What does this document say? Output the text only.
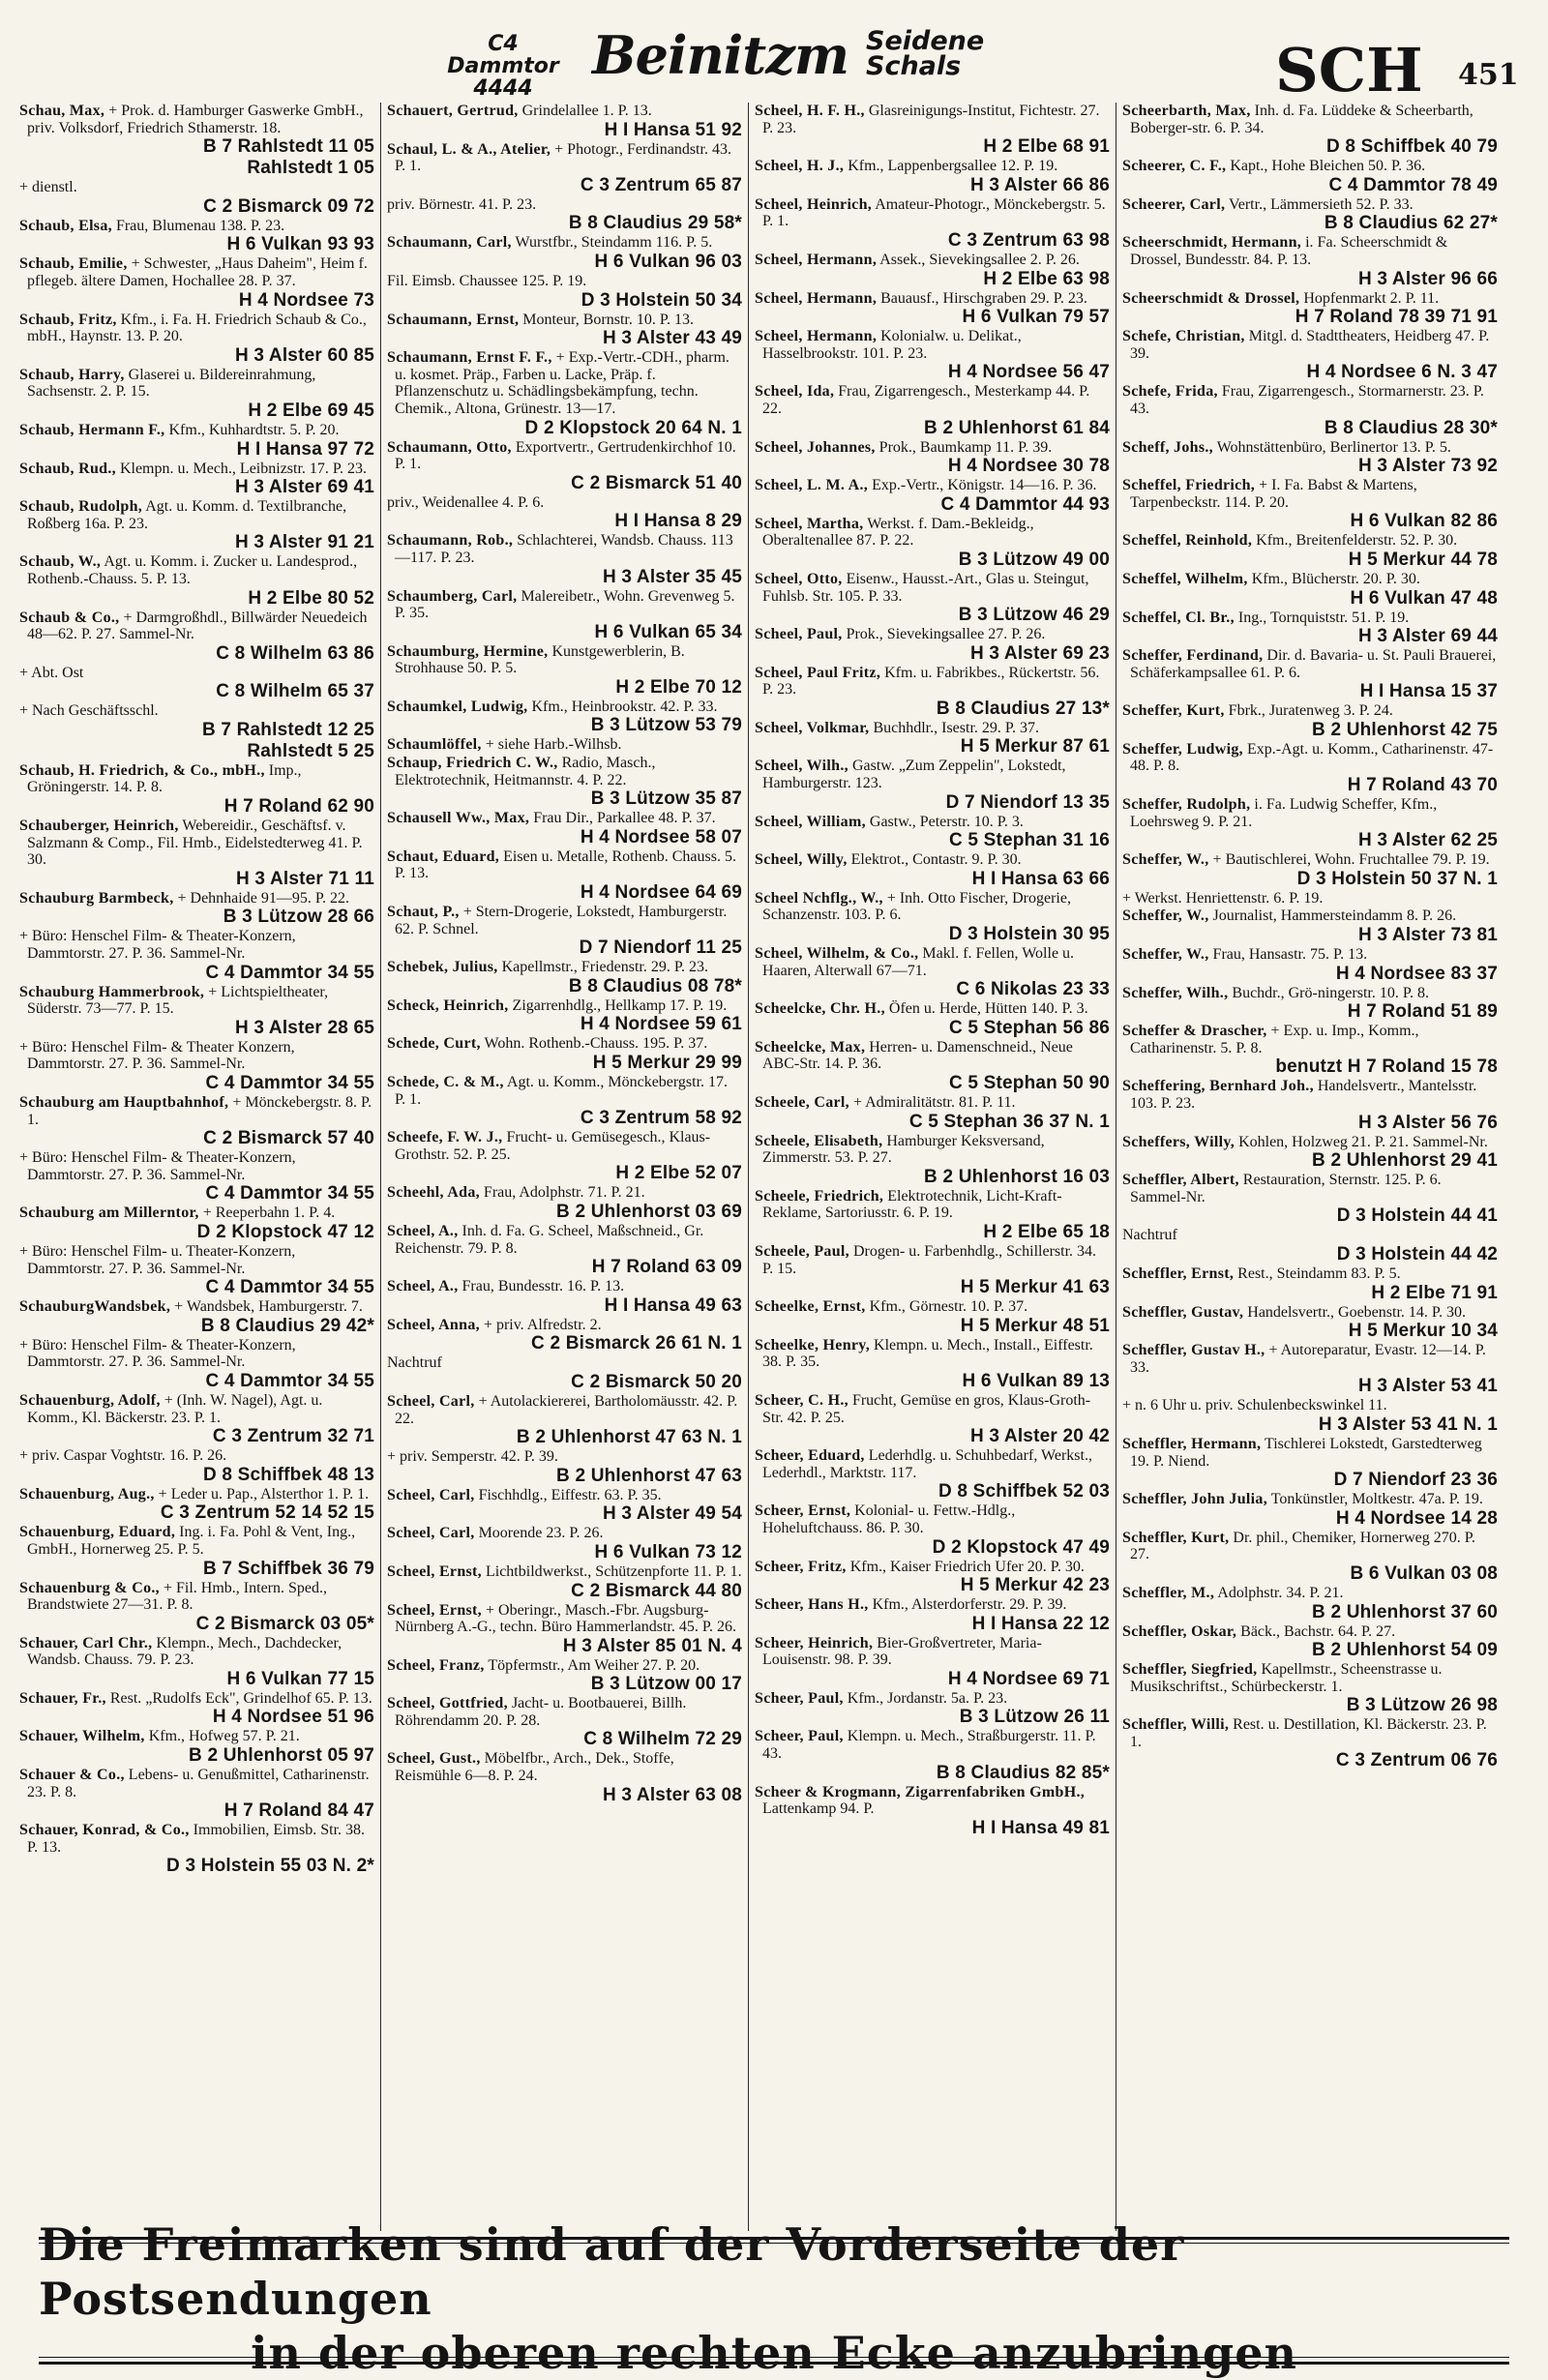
C4 Dammtor
4444
Beinitzm Seidene
Schals	SCH 451
Schau, Max, + Prok. d. Hamburger Gaswerke GmbH., priv. Volksdorf, Friedrich Sthamerstr. 18.
B 7 Rahlstedt 11 05
Rahlstedt 1 05
+ dienstl.
C 2 Bismarck 09 72
Schaub, Elsa, Frau, Blumenau 138. P. 23.
H 6 Vulkan 93 93
Schaub, Emilie, + Schwester, „Haus Daheim", Heim f. pflegeb. ältere Damen, Hochallee 28. P. 37.
H 4 Nordsee 73
Schaub, Fritz, Kfm., i. Fa. H. Friedrich Schaub & Co., mbH., Haynstr. 13. P. 20.
H 3 Alster 60 85
Schaub, Harry, Glaserei u. Bildereinrahmung, Sachsenstr. 2. P. 15.
H 2 Elbe 69 45
Schaub, Hermann F., Kfm., Kuhhardtstr. 5. P. 20.
H I Hansa 97 72
Schaub, Rud., Klempn. u. Mech., Leibnizstr. 17. P. 23.
H 3 Alster 69 41
Schaub, Rudolph, Agt. u. Komm. d. Textilbranche, Roßberg 16a. P. 23.
H 3 Alster 91 21
Schaub, W., Agt. u. Komm. i. Zucker u. Landesprod., Rothenb.-Chauss. 5. P. 13.
H 2 Elbe 80 52
Schaub & Co., + Darmgroßhdl., Billwärder Neuedeich 48—62. P. 27. Sammel-Nr.
C 8 Wilhelm 63 86
+ Abt. Ost
C 8 Wilhelm 65 37
+ Nach Geschäftsschl.
B 7 Rahlstedt 12 25
Rahlstedt 5 25
Schaub, H. Friedrich, & Co., mbH., Imp., Gröningerstr. 14. P. 8.
H 7 Roland 62 90
Schauberger, Heinrich, Webereidir., Geschäftsf. v. Salzmann & Comp., Fil. Hmb., Eidelstedterweg 41. P. 30.
H 3 Alster 71 11
Schauburg Barmbeck, + Dehnhaide 91—95. P. 22.
B 3 Lützow 28 66
+ Büro: Henschel Film- & Theater-Konzern, Dammtorstr. 27. P. 36. Sammel-Nr.
C 4 Dammtor 34 55
Schauburg Hammerbrook, + Lichtspieltheater, Süderstr. 73—77. P. 15.
H 3 Alster 28 65
+ Büro: Henschel Film- & Theater Konzern, Dammtorstr. 27. P. 36. Sammel-Nr.
C 4 Dammtor 34 55
Schauburg am Hauptbahnhof, + Mönckebergstr. 8. P. 1.
C 2 Bismarck 57 40
+ Büro: Henschel Film- & Theater-Konzern, Dammtorstr. 27. P. 36. Sammel-Nr.
C 4 Dammtor 34 55
Schauburg am Millerntor, + Reeperbahn 1. P. 4.
D 2 Klopstock 47 12
+ Büro: Henschel Film- u. Theater-Konzern, Dammtorstr. 27. P. 36. Sammel-Nr.
C 4 Dammtor 34 55
SchauburgWandsbek, + Wandsbek, Hamburgerstr. 7.
B 8 Claudius 29 42*
+ Büro: Henschel Film- & Theater-Konzern, Dammtorstr. 27. P. 36. Sammel-Nr.
C 4 Dammtor 34 55
Schauenburg, Adolf, + (Inh. W. Nagel), Agt. u. Komm., Kl. Bäckerstr. 23. P. 1.
C 3 Zentrum 32 71
+ priv. Caspar Voghtstr. 16. P. 26.
D 8 Schiffbek 48 13
Schauenburg, Aug., + Leder u. Pap., Alsterthor 1. P. 1.
C 3 Zentrum 52 14 52 15
Schauenburg, Eduard, Ing. i. Fa. Pohl & Vent, Ing., GmbH., Hornerweg 25. P. 5.
B 7 Schiffbek 36 79
Schauenburg & Co., + Fil. Hmb., Intern. Sped., Brandstwiete 27—31. P. 8.
C 2 Bismarck 03 05*
Schauer, Carl Chr., Klempn., Mech., Dachdecker, Wandsb. Chauss. 79. P. 23.
H 6 Vulkan 77 15
Schauer, Fr., Rest. „Rudolfs Eck", Grindelhof 65. P. 13.
H 4 Nordsee 51 96
Schauer, Wilhelm, Kfm., Hofweg 57. P. 21.
B 2 Uhlenhorst 05 97
Schauer & Co., Lebens- u. Genußmittel, Catharinenstr. 23. P. 8.
H 7 Roland 84 47
Schauer, Konrad, & Co., Immobilien, Eimsb. Str. 38. P. 13.
D 3 Holstein 55 03 N. 2*
Schauert, Gertrud, Grindelallee 1. P. 13.
H I Hansa 51 92
Schaul, L. & A., Atelier, + Photogr., Ferdinandstr. 43. P. 1.
C 3 Zentrum 65 87
priv. Börnestr. 41. P. 23.
B 8 Claudius 29 58*
Schaumann, Carl, Wurstfbr., Steindamm 116. P. 5.
H 6 Vulkan 96 03
Fil. Eimsb. Chaussee 125. P. 19.
D 3 Holstein 50 34
Schaumann, Ernst, Monteur, Bornstr. 10. P. 13.
H 3 Alster 43 49
Schaumann, Ernst F. F., + Exp.-Vertr.-CDH., pharm. u. kosmet. Präp., Farben u. Lacke, Präp. f. Pflanzenschutz u. Schädlingsbekämpfung, techn. Chemik., Altona, Grünestr. 13—17.
D 2 Klopstock 20 64 N. 1
Schaumann, Otto, Exportvertr., Gertrudenkirchhof 10. P. 1.
C 2 Bismarck 51 40
priv., Weidenallee 4. P. 6.
H I Hansa 8 29
Schaumann, Rob., Schlachterei, Wandsb. Chauss. 113—117. P. 23.
H 3 Alster 35 45
Schaumberg, Carl, Malereibetr., Wohn. Grevenweg 5. P. 35.
H 6 Vulkan 65 34
Schaumburg, Hermine, Kunstgewerblerin, B. Strohhause 50. P. 5.
H 2 Elbe 70 12
Schaumkel, Ludwig, Kfm., Heinbrookstr. 42. P. 33.
B 3 Lützow 53 79
Schaumlöffel, + siehe Harb.-Wilhsb.
Schaup, Friedrich C. W., Radio, Masch., Elektrotechnik, Heitmannstr. 4. P. 22.
B 3 Lützow 35 87
Schausell Ww., Max, Frau Dir., Parkallee 48. P. 37.
H 4 Nordsee 58 07
Schaut, Eduard, Eisen u. Metalle, Rothenb. Chauss. 5. P. 13.
H 4 Nordsee 64 69
Schaut, P., + Stern-Drogerie, Lokstedt, Hamburgerstr. 62. P. Schnel.
D 7 Niendorf 11 25
Schebek, Julius, Kapellmstr., Friedenstr. 29. P. 23.
B 8 Claudius 08 78*
Scheck, Heinrich, Zigarrenhdlg., Hellkamp 17. P. 19.
H 4 Nordsee 59 61
Schede, Curt, Wohn. Rothenb.-Chauss. 195. P. 37.
H 5 Merkur 29 99
Schede, C. & M., Agt. u. Komm., Mönckebergstr. 17. P. 1.
C 3 Zentrum 58 92
Scheefe, F. W. J., Frucht- u. Gemüsegesch., Klaus-Grothstr. 52. P. 25.
H 2 Elbe 52 07
Scheehl, Ada, Frau, Adolphstr. 71. P. 21.
B 2 Uhlenhorst 03 69
Scheel, A., Inh. d. Fa. G. Scheel, Maßschneid., Gr. Reichenstr. 79. P. 8.
H 7 Roland 63 09
Scheel, A., Frau, Bundesstr. 16. P. 13.
H I Hansa 49 63
Scheel, Anna, + priv. Alfredstr. 2.
C 2 Bismarck 26 61 N. 1
Nachtruf
C 2 Bismarck 50 20
Scheel, Carl, + Autolackiererei, Bartholomäusstr. 42. P. 22.
B 2 Uhlenhorst 47 63 N. 1
+ priv. Semperstr. 42. P. 39.
B 2 Uhlenhorst 47 63
Scheel, Carl, Fischhdlg., Eiffestr. 63. P. 35.
H 3 Alster 49 54
Scheel, Carl, Moorende 23. P. 26.
H 6 Vulkan 73 12
Scheel, Ernst, Lichtbildwerkst., Schützenpforte 11. P. 1.
C 2 Bismarck 44 80
Scheel, Ernst, + Oberingr., Masch.-Fbr. Augsburg-Nürnberg A.-G., techn. Büro Hammerlandstr. 45. P. 26.
H 3 Alster 85 01 N. 4
Scheel, Franz, Töpfermstr., Am Weiher 27. P. 20.
B 3 Lützow 00 17
Scheel, Gottfried, Jacht- u. Bootbauerei, Billh. Röhrendamm 20. P. 28.
C 8 Wilhelm 72 29
Scheel, Gust., Möbelfbr., Arch., Dek., Stoffe, Reismühle 6—8. P. 24.
H 3 Alster 63 08
Scheel, H. F. H., Glasreinigungs-Institut, Fichtestr. 27. P. 23.
H 2 Elbe 68 91
Scheel, H. J., Kfm., Lappenbergsallee 12. P. 19.
H 3 Alster 66 86
Scheel, Heinrich, Amateur-Photogr., Mönckebergstr. 5. P. 1.
C 3 Zentrum 63 98
Scheel, Hermann, Assek., Sievekingsallee 2. P. 26.
H 2 Elbe 63 98
Scheel, Hermann, Bauausf., Hirschgraben 29. P. 23.
H 6 Vulkan 79 57
Scheel, Hermann, Kolonialw. u. Delikat., Hasselbrookstr. 101. P. 23.
H 4 Nordsee 56 47
Scheel, Ida, Frau, Zigarrengesch., Mesterkamp 44. P. 22.
B 2 Uhlenhorst 61 84
Scheel, Johannes, Prok., Baumkamp 11. P. 39.
H 4 Nordsee 30 78
Scheel, L. M. A., Exp.-Vertr., Königstr. 14—16. P. 36.
C 4 Dammtor 44 93
Scheel, Martha, Werkst. f. Dam.-Bekleidg., Oberaltenallee 87. P. 22.
B 3 Lützow 49 00
Scheel, Otto, Eisenw., Hausst.-Art., Glas u. Steingut, Fuhlsb. Str. 105. P. 33.
B 3 Lützow 46 29
Scheel, Paul, Prok., Sievekingsallee 27. P. 26.
H 3 Alster 69 23
Scheel, Paul Fritz, Kfm. u. Fabrikbes., Rückertstr. 56. P. 23.
B 8 Claudius 27 13*
Scheel, Volkmar, Buchhdlr., Isestr. 29. P. 37.
H 5 Merkur 87 61
Scheel, Wilh., Gastw. „Zum Zeppelin", Lokstedt, Hamburgerstr. 123.
D 7 Niendorf 13 35
Scheel, William, Gastw., Peterstr. 10. P. 3.
C 5 Stephan 31 16
Scheel, Willy, Elektrot., Contastr. 9. P. 30.
H I Hansa 63 66
Scheel Nchflg., W., + Inh. Otto Fischer, Drogerie, Schanzenstr. 103. P. 6.
D 3 Holstein 30 95
Scheel, Wilhelm, & Co., Makl. f. Fellen, Wolle u. Haaren, Alterwall 67—71.
C 6 Nikolas 23 33
Scheelcke, Chr. H., Öfen u. Herde, Hütten 140. P. 3.
C 5 Stephan 56 86
Scheelcke, Max, Herren- u. Damenschneid., Neue ABC-Str. 14. P. 36.
C 5 Stephan 50 90
Scheele, Carl, + Admiralitätstr. 81. P. 11.
C 5 Stephan 36 37 N. 1
Scheele, Elisabeth, Hamburger Keksversand, Zimmerstr. 53. P. 27.
B 2 Uhlenhorst 16 03
Scheele, Friedrich, Elektrotechnik, Licht-Kraft-Reklame, Sartoriusstr. 6. P. 19.
H 2 Elbe 65 18
Scheele, Paul, Drogen- u. Farbenhdlg., Schillerstr. 34. P. 15.
H 5 Merkur 41 63
Scheelke, Ernst, Kfm., Görnestr. 10. P. 37.
H 5 Merkur 48 51
Scheelke, Henry, Klempn. u. Mech., Install., Eiffestr. 38. P. 35.
H 6 Vulkan 89 13
Scheer, C. H., Frucht, Gemüse en gros, Klaus-Groth-Str. 42. P. 25.
H 3 Alster 20 42
Scheer, Eduard, Lederhdlg. u. Schuhbedarf, Werkst., Lederhdl., Marktstr. 117.
D 8 Schiffbek 52 03
Scheer, Ernst, Kolonial- u. Fettw.-Hdlg., Hoheluftchauss. 86. P. 30.
D 2 Klopstock 47 49
Scheer, Fritz, Kfm., Kaiser Friedrich Ufer 20. P. 30.
H 5 Merkur 42 23
Scheer, Hans H., Kfm., Alsterdorferstr. 29. P. 39.
H I Hansa 22 12
Scheer, Heinrich, Bier-Großvertreter, Maria-Louisenstr. 98. P. 39.
H 4 Nordsee 69 71
Scheer, Paul, Kfm., Jordanstr. 5a. P. 23.
B 3 Lützow 26 11
Scheer, Paul, Klempn. u. Mech., Straßburgerstr. 11. P. 43.
B 8 Claudius 82 85*
Scheer & Krogmann, Zigarrenfabriken GmbH., Lattenkamp 94. P.
H I Hansa 49 81
Scheerbarth, Max, Inh. d. Fa. Lüddeke & Scheerbarth, Boberger-str. 6. P. 34.
D 8 Schiffbek 40 79
Scheerer, C. F., Kapt., Hohe Bleichen 50. P. 36.
C 4 Dammtor 78 49
Scheerer, Carl, Vertr., Lämmersieth 52. P. 33.
B 8 Claudius 62 27*
Scheerschmidt, Hermann, i. Fa. Scheerschmidt & Drossel, Bundesstr. 84. P. 13.
H 3 Alster 96 66
Scheerschmidt & Drossel, Hopfenmarkt 2. P. 11.
H 7 Roland 78 39 71 91
Schefe, Christian, Mitgl. d. Stadttheaters, Heidberg 47. P. 39.
H 4 Nordsee 6 N. 3 47
Schefe, Frida, Frau, Zigarrengesch., Stormarnerstr. 23. P. 43.
B 8 Claudius 28 30*
Scheff, Johs., Wohnstättenbüro, Berlinertor 13. P. 5.
H 3 Alster 73 92
Scheffel, Friedrich, + I. Fa. Babst & Martens, Tarpenbeckstr. 114. P. 20.
H 6 Vulkan 82 86
Scheffel, Reinhold, Kfm., Breitenfelderstr. 52. P. 30.
H 5 Merkur 44 78
Scheffel, Wilhelm, Kfm., Blücherstr. 20. P. 30.
H 6 Vulkan 47 48
Scheffel, Cl. Br., Ing., Tornquiststr. 51. P. 19.
H 3 Alster 69 44
Scheffer, Ferdinand, Dir. d. Bavaria- u. St. Pauli Brauerei, Schäferkampsallee 61. P. 6.
H I Hansa 15 37
Scheffer, Kurt, Fbrk., Juratenweg 3. P. 24.
B 2 Uhlenhorst 42 75
Scheffer, Ludwig, Exp.-Agt. u. Komm., Catharinenstr. 47-48. P. 8.
H 7 Roland 43 70
Scheffer, Rudolph, i. Fa. Ludwig Scheffer, Kfm., Loehrsweg 9. P. 21.
H 3 Alster 62 25
Scheffer, W., + Bautischlerei, Wohn. Fruchtallee 79. P. 19.
D 3 Holstein 50 37 N. 1
+ Werkst. Henriettenstr. 6. P. 19.
Scheffer, W., Journalist, Hammersteindamm 8. P. 26.
H 3 Alster 73 81
Scheffer, W., Frau, Hansastr. 75. P. 13.
H 4 Nordsee 83 37
Scheffer, Wilh., Buchdr., Grö-ningerstr. 10. P. 8.
H 7 Roland 51 89
Scheffer & Drascher, + Exp. u. Imp., Komm., Catharinenstr. 5. P. 8.
benutzt H 7 Roland 15 78
Scheffering, Bernhard Joh., Handelsvertr., Mantelsstr. 103. P. 23.
H 3 Alster 56 76
Scheffers, Willy, Kohlen, Holzweg 21. P. 21. Sammel-Nr.
B 2 Uhlenhorst 29 41
Scheffler, Albert, Restauration, Sternstr. 125. P. 6. Sammel-Nr.
D 3 Holstein 44 41
Nachtruf
D 3 Holstein 44 42
Scheffler, Ernst, Rest., Steindamm 83. P. 5.
H 2 Elbe 71 91
Scheffler, Gustav, Handelsvertr., Goebenstr. 14. P. 30.
H 5 Merkur 10 34
Scheffler, Gustav H., + Autoreparatur, Evastr. 12—14. P. 33.
H 3 Alster 53 41
+ n. 6 Uhr u. priv. Schulenbeckswinkel 11.
H 3 Alster 53 41 N. 1
Scheffler, Hermann, Tischlerei Lokstedt, Garstedterweg 19. P. Niend.
D 7 Niendorf 23 36
Scheffler, John Julia, Tonkünstler, Moltkestr. 47a. P. 19.
H 4 Nordsee 14 28
Scheffler, Kurt, Dr. phil., Chemiker, Hornerweg 270. P. 27.
B 6 Vulkan 03 08
Scheffler, M., Adolphstr. 34. P. 21.
B 2 Uhlenhorst 37 60
Scheffler, Oskar, Bäck., Bachstr. 64. P. 27.
B 2 Uhlenhorst 54 09
Scheffler, Siegfried, Kapellmstr., Scheenstrasse u. Musikschriftst., Schürbeckerstr. 1.
B 3 Lützow 26 98
Scheffler, Willi, Rest. u. Destillation, Kl. Bäckerstr. 23. P. 1.
C 3 Zentrum 06 76
Die Freimarken sind auf der Vorderseite der Postsendungen
in der oberen rechten Ecke anzubringen
